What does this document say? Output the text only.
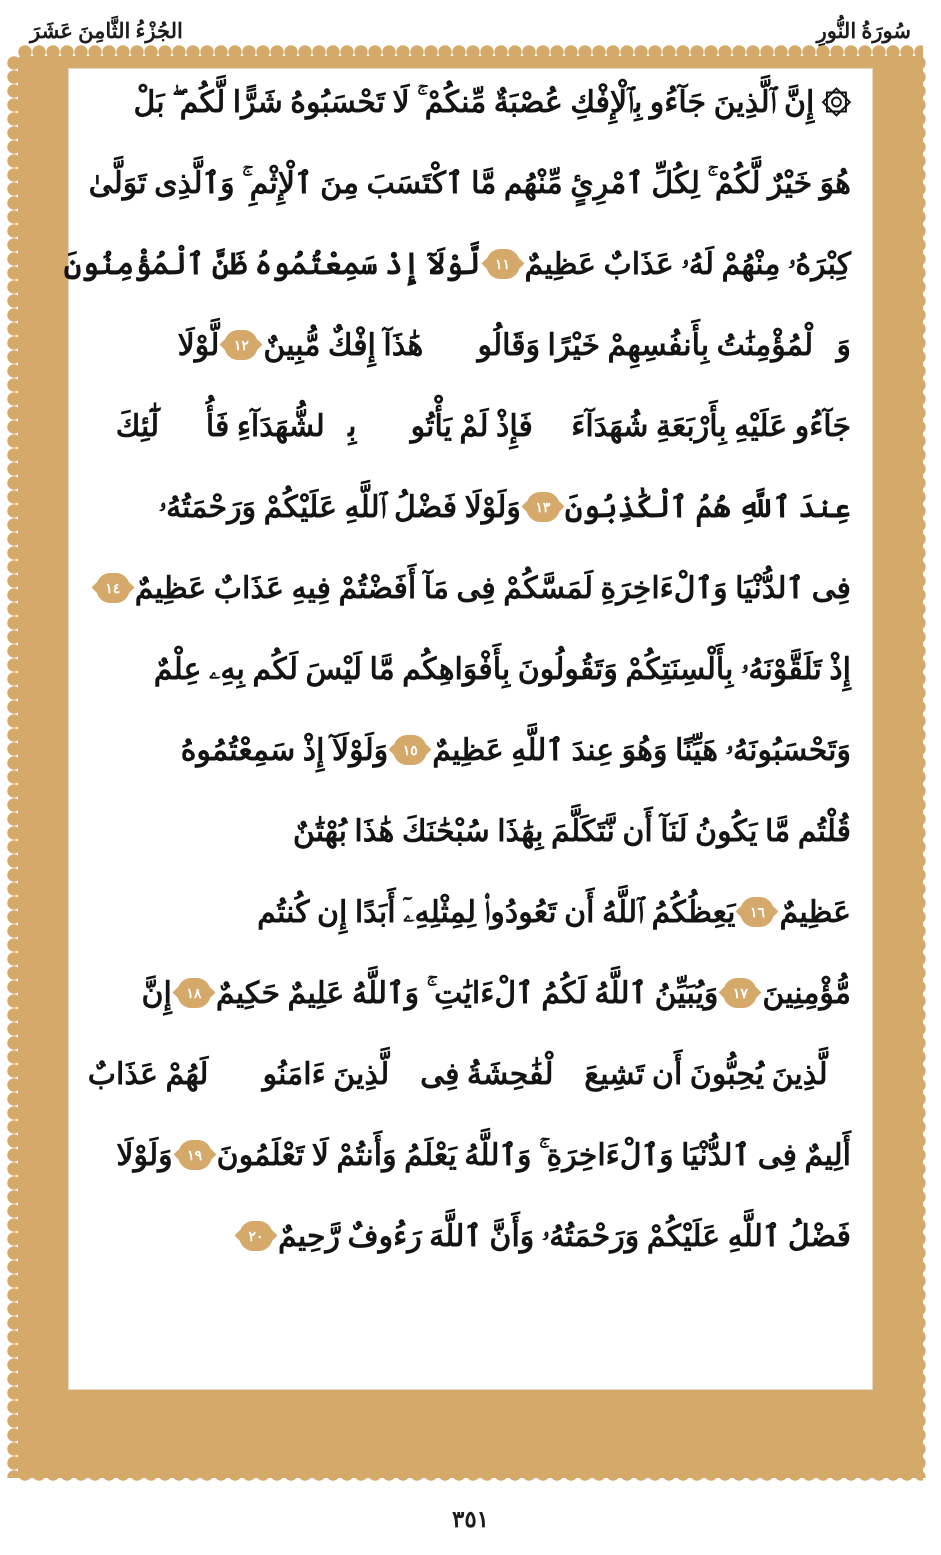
الجُزْءُ الثَّامِنَ عَشَرَ	سُورَةُ النُّورِ
۞ إِنَّ ٱلَّذِينَ جَآءُو بِٱلْإِفْكِ عُصْبَةٌ مِّنكُمْ ۚ لَا تَحْسَبُوهُ شَرًّا لَّكُم ۖ بَلْ
هُوَ خَيْرٌ لَّكُمْ ۚ لِكُلِّ ٱمْرِئٍ مِّنْهُم مَّا ٱكْتَسَبَ مِنَ ٱلْإِثْمِ ۚ وَٱلَّذِى تَوَلَّىٰ
كِبْرَهُۥ مِنْهُمْ لَهُۥ عَذَابٌ عَظِيمٌ١١لَّوْلَآ إِذْ سَمِعْتُمُوهُ ظَنَّ ٱلْمُؤْمِنُونَ
وَٱلْمُؤْمِنَٰتُ بِأَنفُسِهِمْ خَيْرًا وَقَالُوا۟ هَٰذَآ إِفْكٌ مُّبِينٌ١٢لَّوْلَا
جَآءُو عَلَيْهِ بِأَرْبَعَةِ شُهَدَآءَ ۚ فَإِذْ لَمْ يَأْتُوا۟ بِٱلشُّهَدَآءِ فَأُو۟لَٰٓئِكَ
عِندَ ٱللَّهِ هُمُ ٱلْكَٰذِبُونَ١٣وَلَوْلَا فَضْلُ ٱللَّهِ عَلَيْكُمْ وَرَحْمَتُهُۥ
فِى ٱلدُّنْيَا وَٱلْءَاخِرَةِ لَمَسَّكُمْ فِى مَآ أَفَضْتُمْ فِيهِ عَذَابٌ عَظِيمٌ١٤
إِذْ تَلَقَّوْنَهُۥ بِأَلْسِنَتِكُمْ وَتَقُولُونَ بِأَفْوَاهِكُم مَّا لَيْسَ لَكُم بِهِۦ عِلْمٌ
وَتَحْسَبُونَهُۥ هَيِّنًا وَهُوَ عِندَ ٱللَّهِ عَظِيمٌ١٥وَلَوْلَآ إِذْ سَمِعْتُمُوهُ
قُلْتُم مَّا يَكُونُ لَنَآ أَن نَّتَكَلَّمَ بِهَٰذَا سُبْحَٰنَكَ هَٰذَا بُهْتَٰنٌ
عَظِيمٌ١٦يَعِظُكُمُ ٱللَّهُ أَن تَعُودُوا۟ لِمِثْلِهِۦٓ أَبَدًا إِن كُنتُم
مُّؤْمِنِينَ١٧وَيُبَيِّنُ ٱللَّهُ لَكُمُ ٱلْءَايَٰتِ ۚ وَٱللَّهُ عَلِيمٌ حَكِيمٌ١٨إِنَّ
ٱلَّذِينَ يُحِبُّونَ أَن تَشِيعَ ٱلْفَٰحِشَةُ فِى ٱلَّذِينَ ءَامَنُوا۟ لَهُمْ عَذَابٌ
أَلِيمٌ فِى ٱلدُّنْيَا وَٱلْءَاخِرَةِ ۚ وَٱللَّهُ يَعْلَمُ وَأَنتُمْ لَا تَعْلَمُونَ١٩وَلَوْلَا
فَضْلُ ٱللَّهِ عَلَيْكُمْ وَرَحْمَتُهُۥ وَأَنَّ ٱللَّهَ رَءُوفٌ رَّحِيمٌ٢٠
٣٥١
